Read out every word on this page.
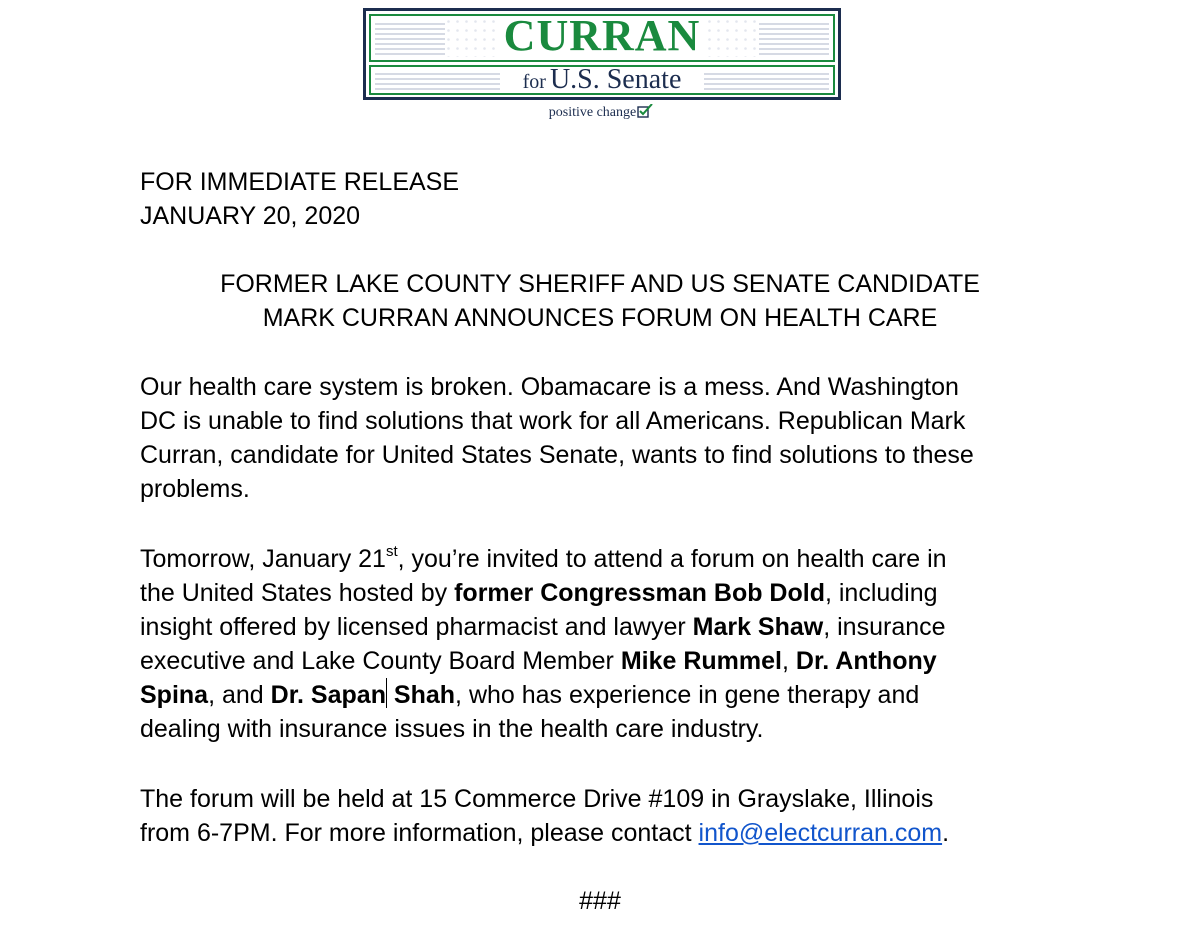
CURRAN
for U.S. Senate
positive change

FOR IMMEDIATE RELEASE

JANUARY 20, 2020

FORMER LAKE COUNTY SHERIFF AND US SENATE CANDIDATE

MARK CURRAN ANNOUNCES FORUM ON HEALTH CARE

Our health care system is broken. Obamacare is a mess. And Washington

DC is unable to find solutions that work for all Americans. Republican Mark

Curran, candidate for United States Senate, wants to find solutions to these

problems.

Tomorrow, January 21st, you’re invited to attend a forum on health care in

the United States hosted by former Congressman Bob Dold, including

insight offered by licensed pharmacist and lawyer Mark Shaw, insurance

executive and Lake County Board Member Mike Rummel, Dr. Anthony

Spina, and Dr. Sapan Shah, who has experience in gene therapy and

dealing with insurance issues in the health care industry.

The forum will be held at 15 Commerce Drive #109 in Grayslake, Illinois

from 6-7PM. For more information, please contact info@electcurran.com.

###
